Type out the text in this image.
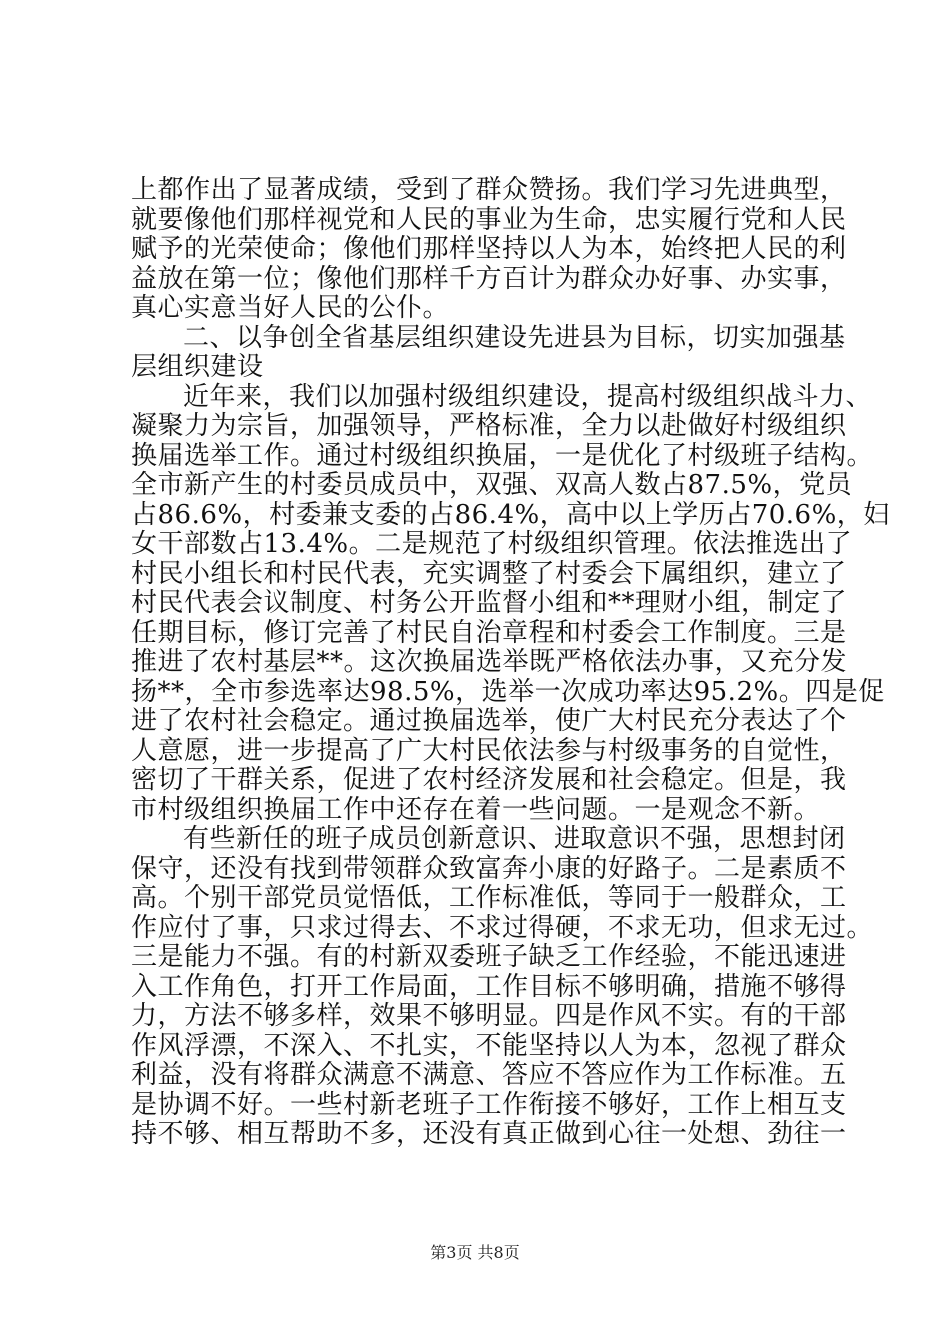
上都作出了显著成绩，受到了群众赞扬。我们学习先进典型，
就要像他们那样视党和人民的事业为生命，忠实履行党和人民
赋予的光荣使命；像他们那样坚持以人为本，始终把人民的利
益放在第一位；像他们那样千方百计为群众办好事、办实事，
真心实意当好人民的公仆。
二、以争创全省基层组织建设先进县为目标，切实加强基
层组织建设
近年来，我们以加强村级组织建设，提高村级组织战斗力、
凝聚力为宗旨，加强领导，严格标准，全力以赴做好村级组织
换届选举工作。通过村级组织换届，一是优化了村级班子结构。
全市新产生的村委员成员中，双强、双高人数占87.5%，党员
占86.6%，村委兼支委的占86.4%，高中以上学历占70.6%，妇
女干部数占13.4%。二是规范了村级组织管理。依法推选出了
村民小组长和村民代表，充实调整了村委会下属组织，建立了
村民代表会议制度、村务公开监督小组和**理财小组，制定了
任期目标，修订完善了村民自治章程和村委会工作制度。三是
推进了农村基层**。这次换届选举既严格依法办事，又充分发
扬**，全市参选率达98.5%，选举一次成功率达95.2%。四是促
进了农村社会稳定。通过换届选举，使广大村民充分表达了个
人意愿，进一步提高了广大村民依法参与村级事务的自觉性，
密切了干群关系，促进了农村经济发展和社会稳定。但是，我
市村级组织换届工作中还存在着一些问题。一是观念不新。
有些新任的班子成员创新意识、进取意识不强，思想封闭
保守，还没有找到带领群众致富奔小康的好路子。二是素质不
高。个别干部党员觉悟低，工作标准低，等同于一般群众，工
作应付了事，只求过得去、不求过得硬，不求无功，但求无过。
三是能力不强。有的村新双委班子缺乏工作经验，不能迅速进
入工作角色，打开工作局面，工作目标不够明确，措施不够得
力，方法不够多样，效果不够明显。四是作风不实。有的干部
作风浮漂，不深入、不扎实，不能坚持以人为本，忽视了群众
利益，没有将群众满意不满意、答应不答应作为工作标准。五
是协调不好。一些村新老班子工作衔接不够好，工作上相互支
持不够、相互帮助不多，还没有真正做到心往一处想、劲往一
第3页 共8页
